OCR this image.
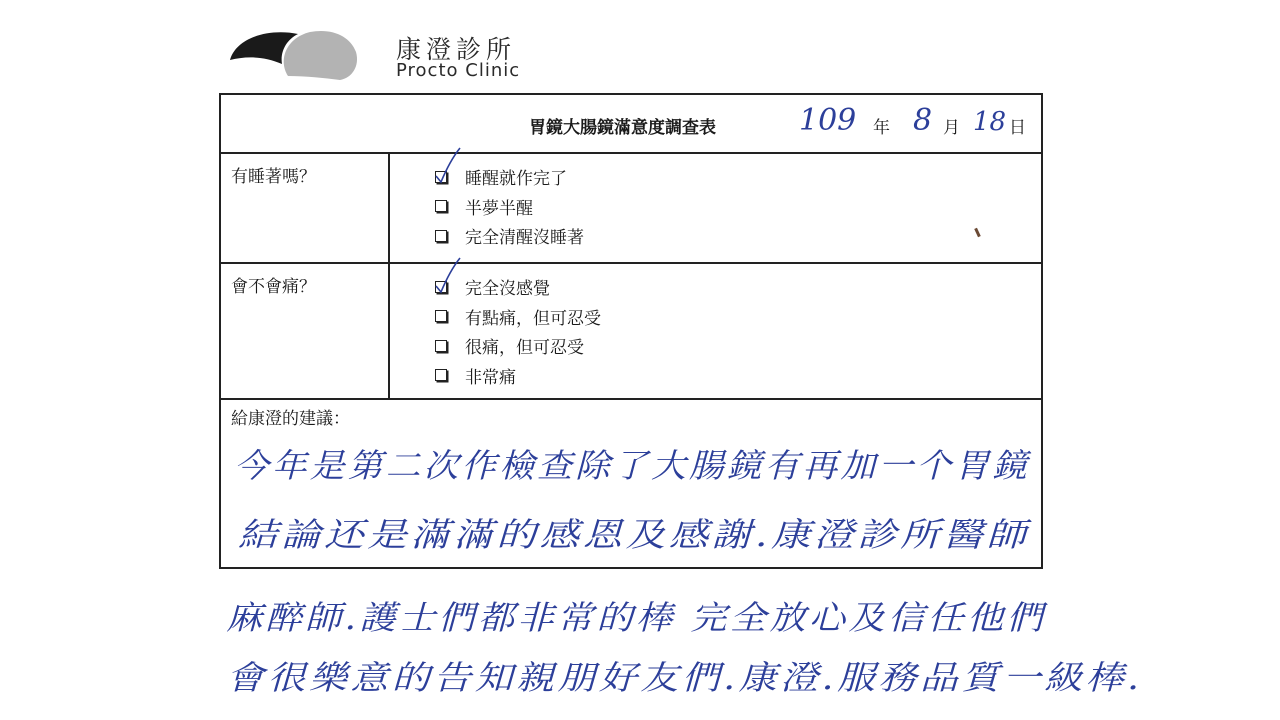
康澄診所
Procto Clinic
胃鏡大腸鏡滿意度調查表	109 年 8 月 18 日
有睡著嗎？	睡醒就作完了
半夢半醒
完全清醒沒睡著
會不會痛？	完全沒感覺
有點痛，但可忍受
很痛，但可忍受
非常痛
給康澄的建議：
今年是第二次作檢查除了大腸鏡有再加一个胃鏡
結論还是滿滿的感恩及感謝.康澄診所醫師
麻醉師.護士們都非常的棒 完全放心及信任他們
會很樂意的告知親朋好友們.康澄.服務品質一級棒.
